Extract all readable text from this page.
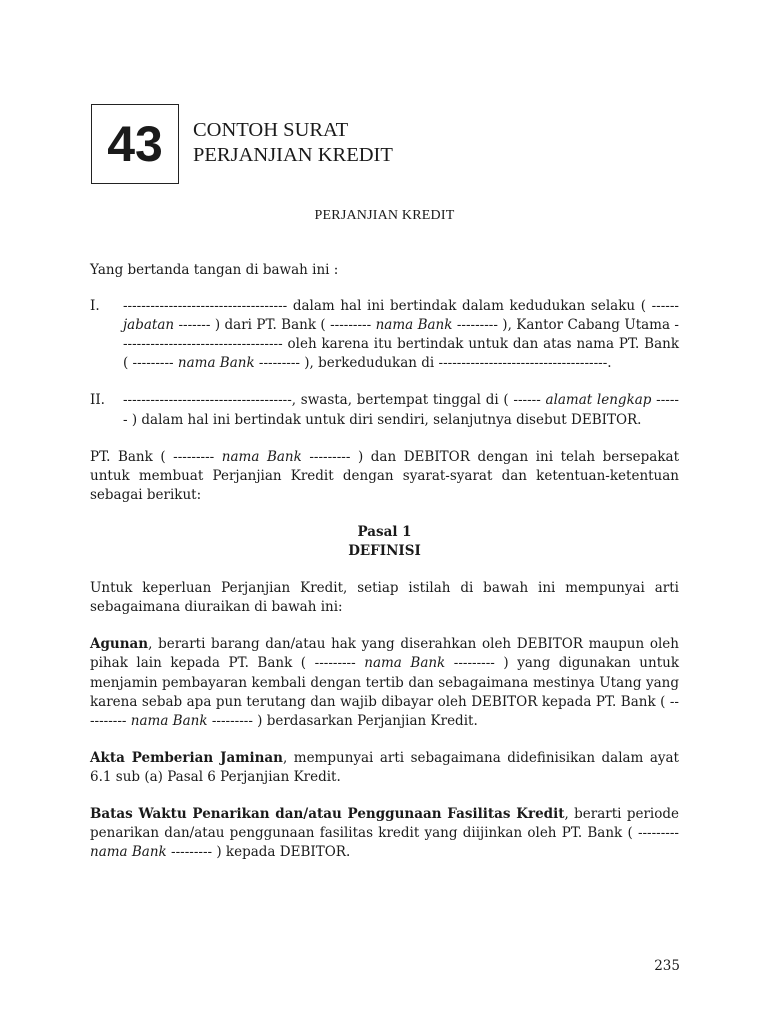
43 CONTOH SURAT
PERJANJIAN KREDIT
PERJANJIAN KREDIT

Yang bertanda tangan di bawah ini :

I.	------------------------------------ dalam hal ini bertindak dalam kedudukan selaku ( ------ jabatan ------- ) dari PT. Bank ( --------- nama Bank --------- ), Kantor Cabang Utama ------------------------------------ oleh karena itu bertindak untuk dan atas nama PT. Bank ( --------- nama Bank --------- ), berkedudukan di -------------------------------------.
II.	-------------------------------------, swasta, bertempat tinggal di ( ------ alamat lengkap ------ ) dalam hal ini bertindak untuk diri sendiri, selanjutnya disebut DEBITOR.

PT. Bank ( --------- nama Bank --------- ) dan DEBITOR dengan ini telah bersepakat untuk membuat Perjanjian Kredit dengan syarat-syarat dan ketentuan-ketentuan sebagai berikut:

Pasal 1
DEFINISI

Untuk keperluan Perjanjian Kredit, setiap istilah di bawah ini mempunyai arti sebagaimana diuraikan di bawah ini:

Agunan, berarti barang dan/atau hak yang diserahkan oleh DEBITOR maupun oleh pihak lain kepada PT. Bank ( --------- nama Bank --------- ) yang digunakan untuk menjamin pembayaran kembali dengan tertib dan sebagaimana mestinya Utang yang karena sebab apa pun terutang dan wajib dibayar oleh DEBITOR kepada PT. Bank ( ---------- nama Bank --------- ) berdasarkan Perjanjian Kredit.

Akta Pemberian Jaminan, mempunyai arti sebagaimana didefinisikan dalam ayat 6.1 sub (a) Pasal 6 Perjanjian Kredit.

Batas Waktu Penarikan dan/atau Penggunaan Fasilitas Kredit, berarti periode penarikan dan/atau penggunaan fasilitas kredit yang diijinkan oleh PT. Bank ( --------- nama Bank --------- ) kepada DEBITOR.

235
